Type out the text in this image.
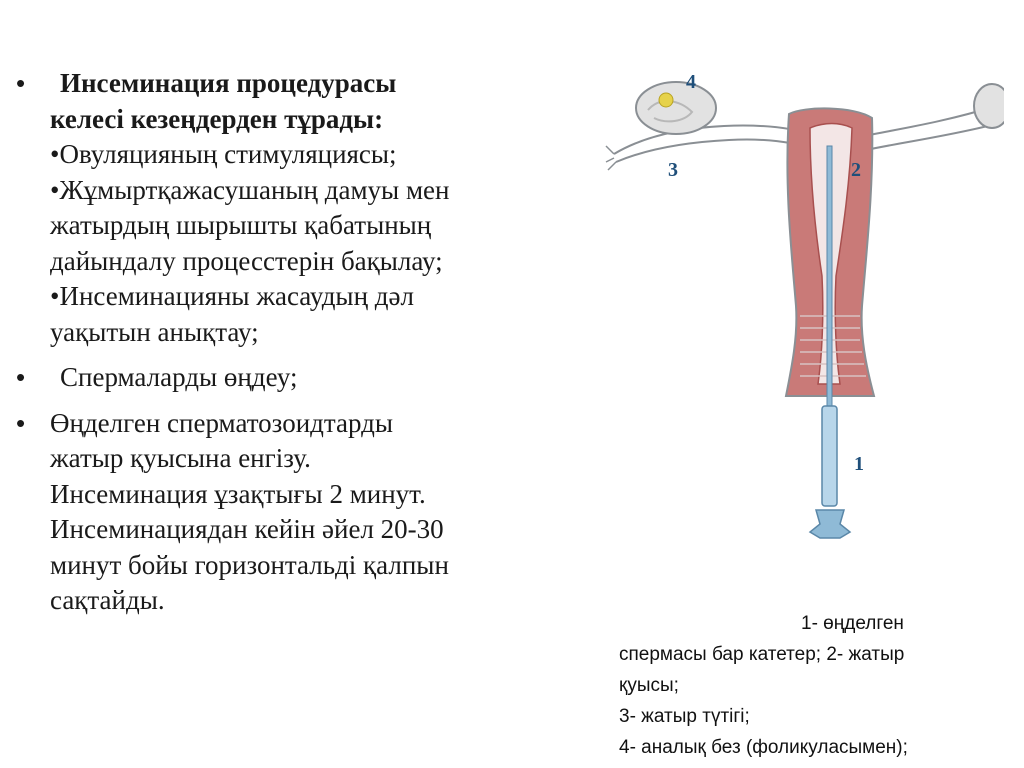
•	Инсеминация процедурасы
келесі кезеңдерден тұрады:
•Овуляцияның стимуляциясы;
•Жұмыртқажасушаның дамуы мен
жатырдың шырышты қабатының
дайындалу процесстерін бақылау;
•Инсеминацияны жасаудың дәл
уақытын анықтау;
•	Спермаларды өңдеу;
• Өңделген сперматозоидтарды
жатыр қуысына енгізу.
Инсеминация ұзақтығы 2 минут.
Инсеминациядан кейін әйел 20-30
минут бойы горизонтальді қалпын
сақтайды.
4
3	2
1
1- өңделген
спермасы бар катетер; 2- жатыр
қуысы;
3- жатыр түтігі;
4- аналық без (фоликуласымен);
